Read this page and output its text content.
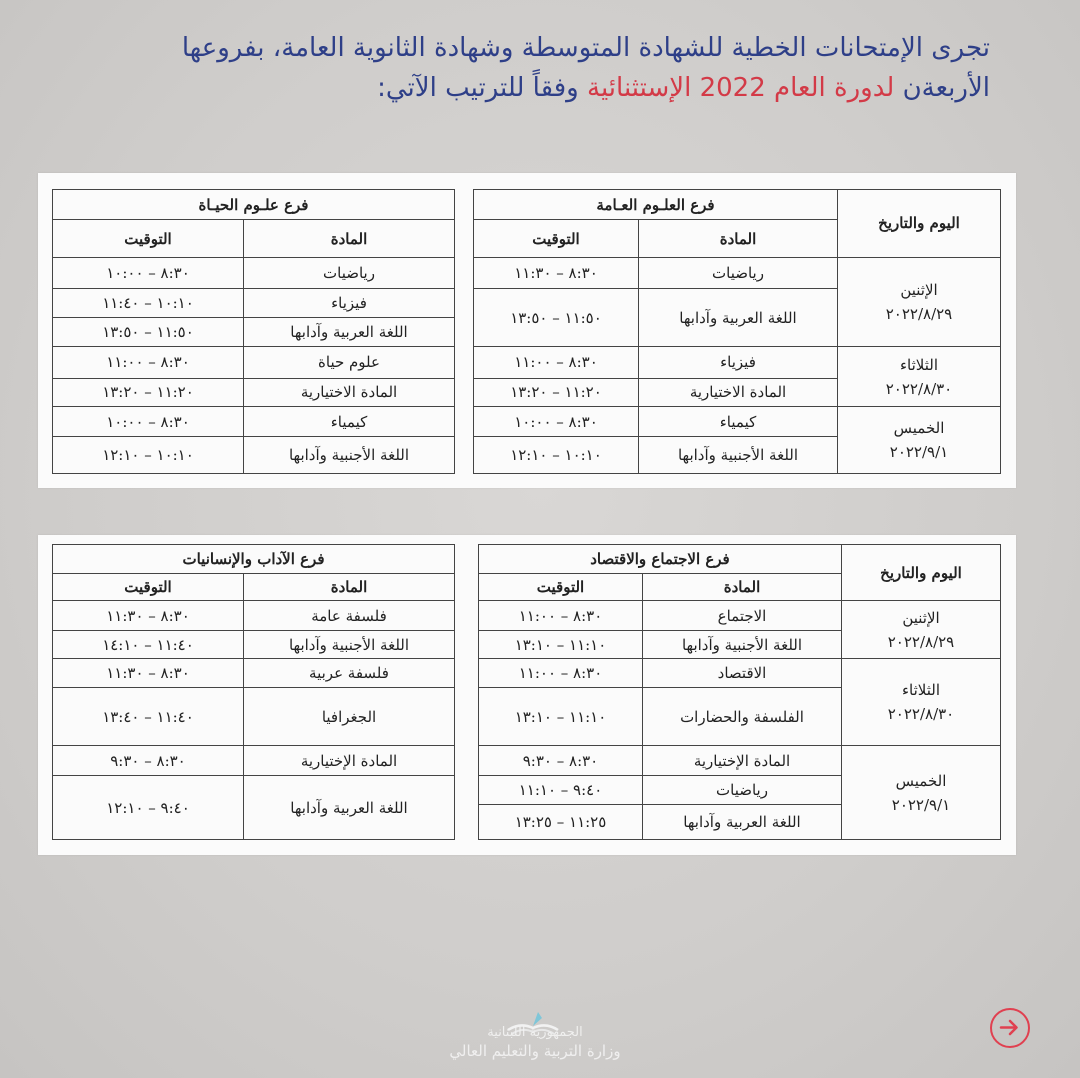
تجرى الإمتحانات الخطية للشهادة المتوسطة وشهادة الثانوية العامة، بفروعها
الأربعةن لدورة العام 2022 الإستثنائية وفقاً للترتيب الآتي:
اليوم والتاريخ	فرع العلـوم العـامة	
	المادة	التوقيت

الإثنين
٢٠٢٢/٨/٢٩	رياضيات	٨:٣٠ – ١١:٣٠
	اللغة العربية وآدابها	١١:٥٠ – ١٣:٥٠

الثلاثاء
٢٠٢٢/٨/٣٠	فيزياء	٨:٣٠ – ١١:٠٠
	المادة الاختيارية	١١:٢٠ – ١٣:٢٠

الخميس
٢٠٢٢/٩/١	كيمياء	٨:٣٠ – ١٠:٠٠
	اللغة الأجنبية وآدابها	١٠:١٠ – ١٢:١٠
فرع علـوم الحيـاة	
المادة	التوقيت
رياضيات	٨:٣٠ – ١٠:٠٠
فيزياء	١٠:١٠ – ١١:٤٠
اللغة العربية وآدابها	١١:٥٠ – ١٣:٥٠
علوم حياة	٨:٣٠ – ١١:٠٠
المادة الاختيارية	١١:٢٠ – ١٣:٢٠
كيمياء	٨:٣٠ – ١٠:٠٠
اللغة الأجنبية وآدابها	١٠:١٠ – ١٢:١٠
اليوم والتاريخ	فرع الاجتماع والاقتصاد	
	المادة	التوقيت

الإثنين
٢٠٢٢/٨/٢٩	الاجتماع	٨:٣٠ – ١١:٠٠
	اللغة الأجنبية وآدابها	١١:١٠ – ١٣:١٠

الثلاثاء
٢٠٢٢/٨/٣٠	الاقتصاد	٨:٣٠ – ١١:٠٠
	الفلسفة والحضارات	١١:١٠ – ١٣:١٠

الخميس
٢٠٢٢/٩/١	المادة الإختيارية	٨:٣٠ – ٩:٣٠
	رياضيات	٩:٤٠ – ١١:١٠
	اللغة العربية وآدابها	١١:٢٥ – ١٣:٢٥
فرع الآداب والإنسانيات	
المادة	التوقيت
فلسفة عامة	٨:٣٠ – ١١:٣٠
اللغة الأجنبية وآدابها	١١:٤٠ – ١٤:١٠
فلسفة عربية	٨:٣٠ – ١١:٣٠
الجغرافيا	١١:٤٠ – ١٣:٤٠
المادة الإختيارية	٨:٣٠ – ٩:٣٠
اللغة العربية وآدابها	٩:٤٠ – ١٢:١٠
الجمهورية اللبنانية
وزارة التربية والتعليم العالي
